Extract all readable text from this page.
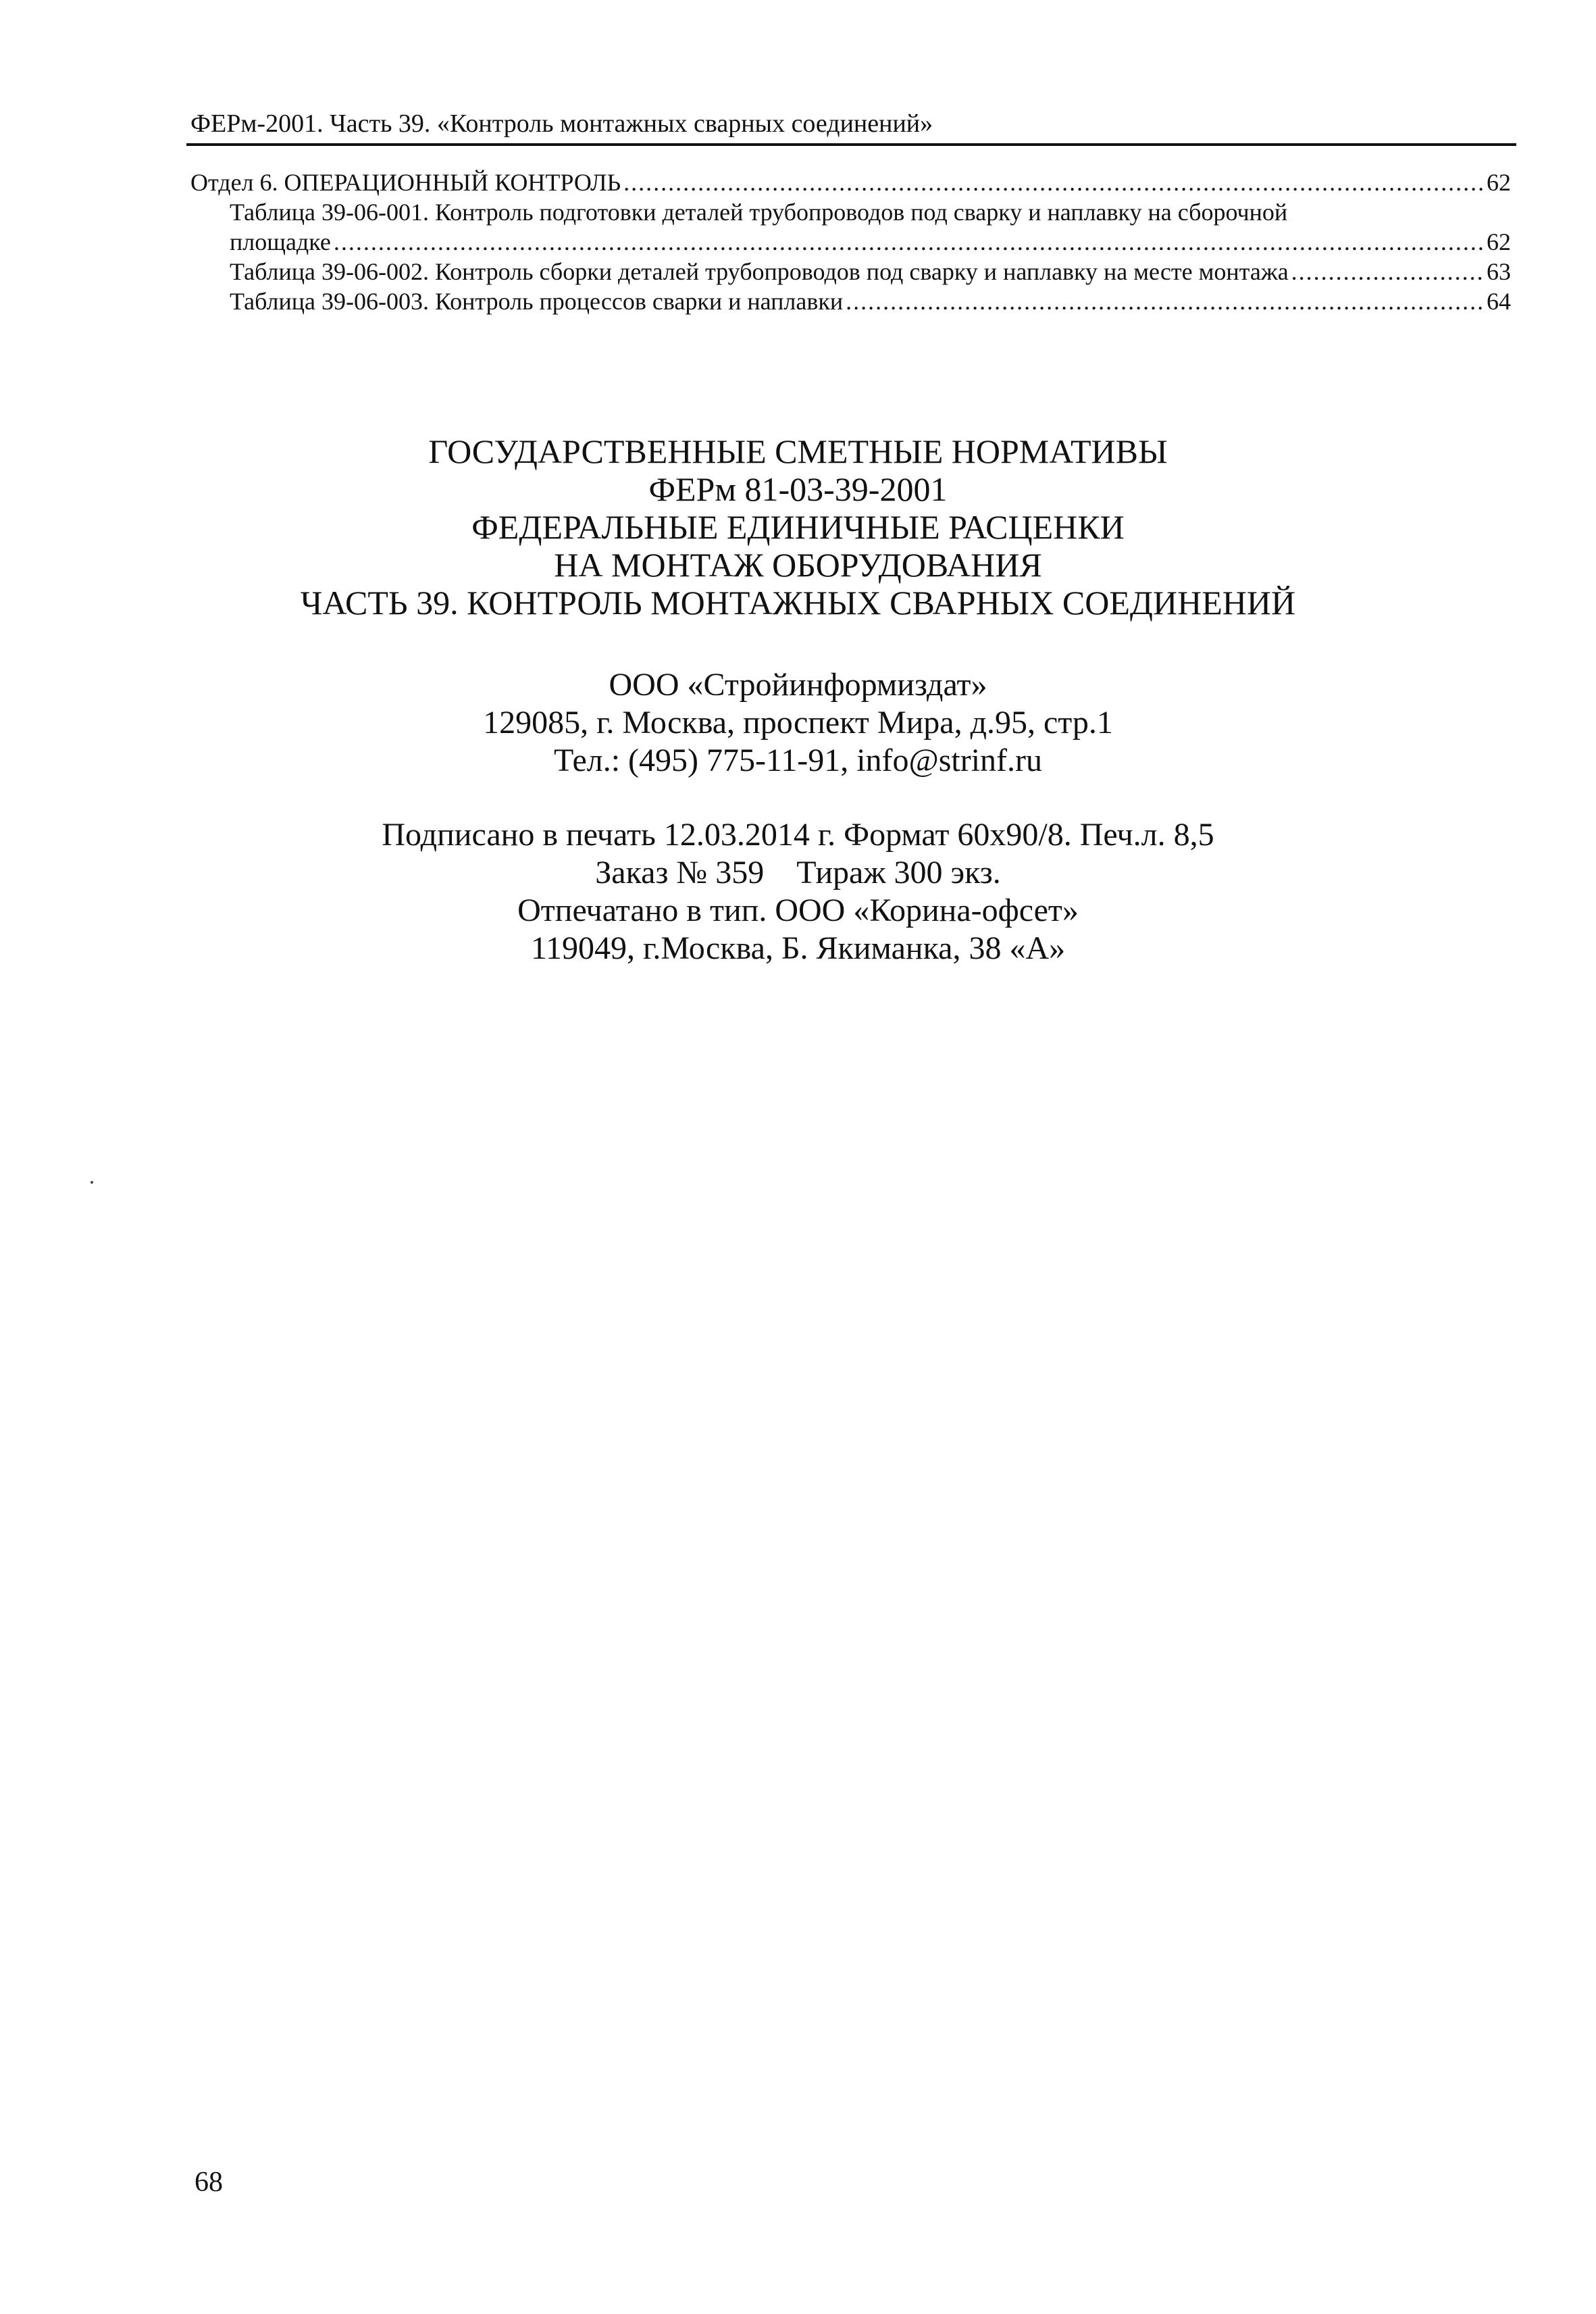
ФЕРм-2001. Часть 39. «Контроль монтажных сварных соединений»
Отдел 6. ОПЕРАЦИОННЫЙ КОНТРОЛЬ .....	62
Таблица 39-06-001. Контроль подготовки деталей трубопроводов под сварку и наплавку на сборочной
площадке .....	62
Таблица 39-06-002. Контроль сборки деталей трубопроводов под сварку и наплавку на месте монтажа .....	63
Таблица 39-06-003. Контроль процессов сварки и наплавки .....	64
ГОСУДАРСТВЕННЫЕ СМЕТНЫЕ НОРМАТИВЫ
ФЕРм 81-03-39-2001
ФЕДЕРАЛЬНЫЕ ЕДИНИЧНЫЕ РАСЦЕНКИ
НА МОНТАЖ ОБОРУДОВАНИЯ
ЧАСТЬ 39. КОНТРОЛЬ МОНТАЖНЫХ СВАРНЫХ СОЕДИНЕНИЙ
ООО «Стройинформиздат»
129085, г. Москва, проспект Мира, д.95, стр.1
Тел.: (495) 775-11-91, info@strinf.ru
Подписано в печать 12.03.2014 г. Формат 60x90/8. Печ.л. 8,5
Заказ № 359    Тираж 300 экз.
Отпечатано в тип. ООО «Корина-офсет»
119049, г.Москва, Б. Якиманка, 38 «А»
68
